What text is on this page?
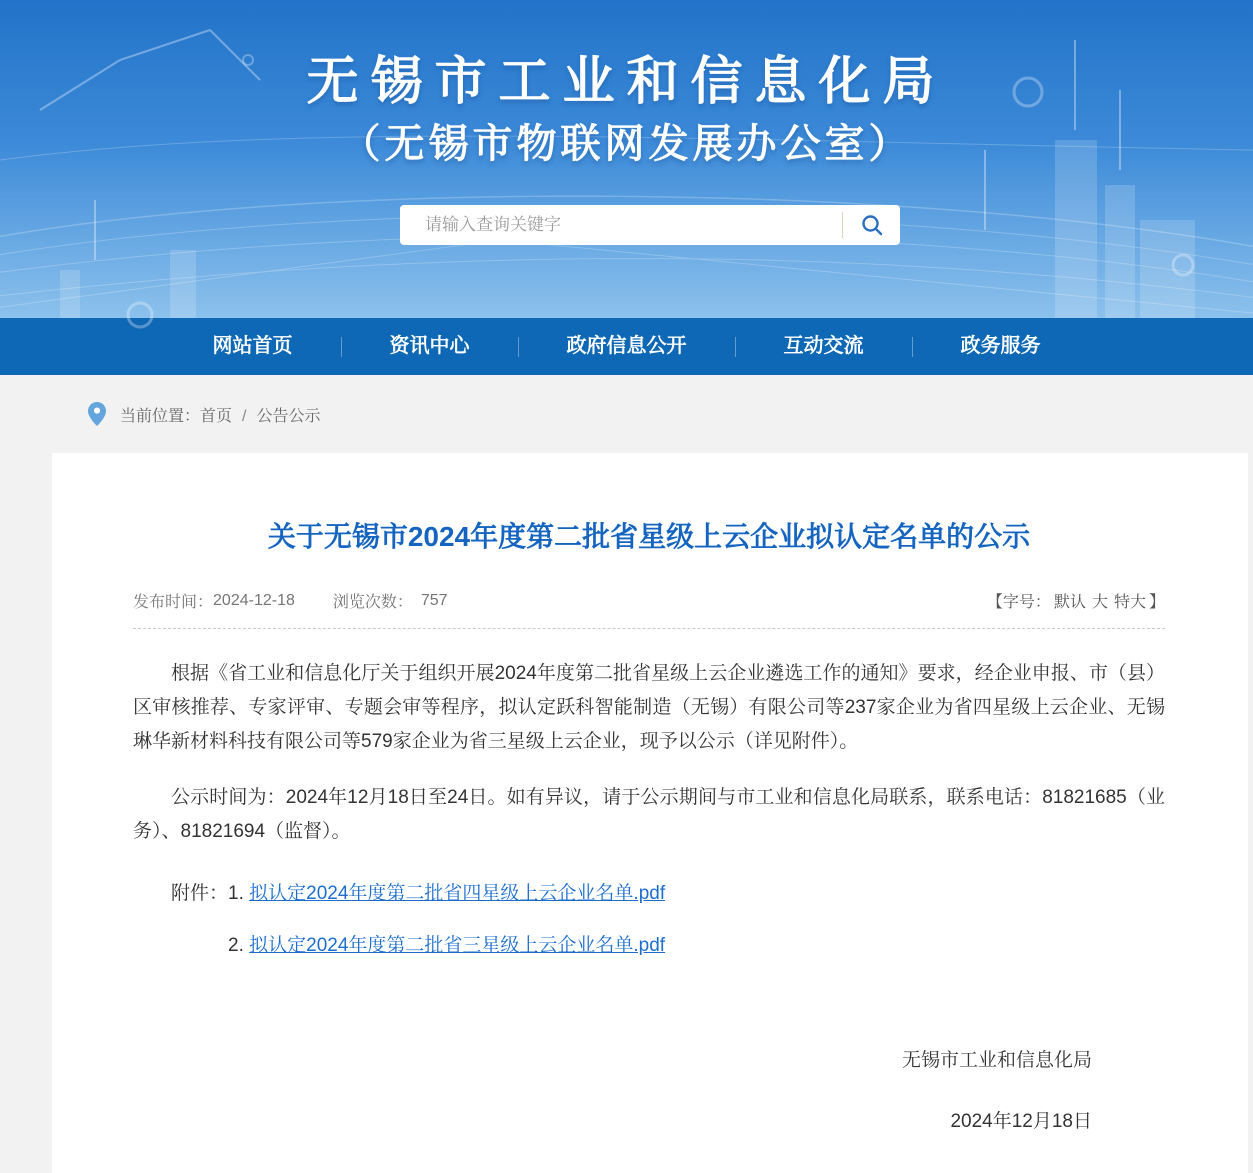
无锡市工业和信息化局
（无锡市物联网发展办公室）
请输入查询关键字
网站首页	资讯中心	政府信息公开	互动交流	政务服务
当前位置：首页 / 公告公示
关于无锡市2024年度第二批省星级上云企业拟认定名单的公示
发布时间： 2024-12-18 浏览次数： 757	【字号： 默认 大 特大 】

根据《省工业和信息化厅关于组织开展2024年度第二批省星级上云企业遴选工作的通知》要求，经企业申报、市（县）区审核推荐、专家评审、专题会审等程序，拟认定跃科智能制造（无锡）有限公司等237家企业为省四星级上云企业、无锡琳华新材料科技有限公司等579家企业为省三星级上云企业，现予以公示（详见附件）。

公示时间为：2024年12月18日至24日。如有异议，请于公示期间与市工业和信息化局联系，联系电话：81821685（业务）、81821694（监督）。

附件：1. 拟认定2024年度第二批省四星级上云企业名单.pdf
2. 拟认定2024年度第二批省三星级上云企业名单.pdf
无锡市工业和信息化局
2024年12月18日
